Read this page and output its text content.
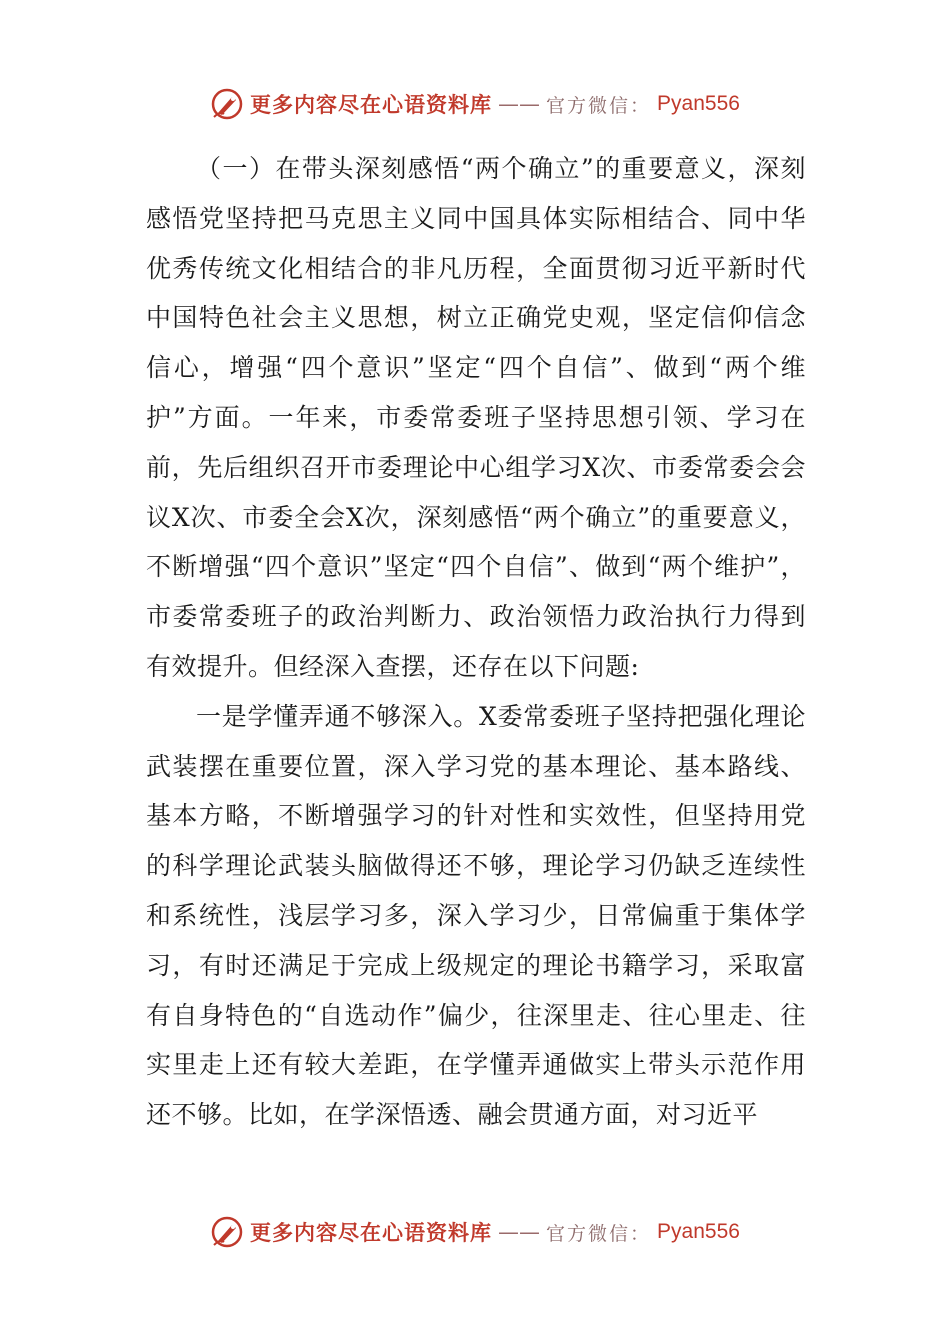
更多内容尽在心语资料库 —— 官方微信： Pyan556

（一）在带头深刻感悟“两个确立”的重要意义，深刻感悟党坚持把马克思主义同中国具体实际相结合、同中华优秀传统文化相结合的非凡历程，全面贯彻习近平新时代中国特色社会主义思想，树立正确党史观，坚定信仰信念信心，增强“四个意识”坚定“四个自信”、做到“两个维护”方面。一年来，市委常委班子坚持思想引领、学习在前，先后组织召开市委理论中心组学习X次、市委常委会会议X次、市委全会X次，深刻感悟“两个确立”的重要意义，不断增强“四个意识”坚定“四个自信”、做到“两个维护”，市委常委班子的政治判断力、政治领悟力政治执行力得到有效提升。但经深入查摆，还存在以下问题:

一是学懂弄通不够深入。X委常委班子坚持把强化理论武装摆在重要位置，深入学习党的基本理论、基本路线、基本方略，不断增强学习的针对性和实效性，但坚持用党的科学理论武装头脑做得还不够，理论学习仍缺乏连续性和系统性，浅层学习多，深入学习少，日常偏重于集体学习，有时还满足于完成上级规定的理论书籍学习，采取富有自身特色的“自选动作”偏少，往深里走、往心里走、往实里走上还有较大差距，在学懂弄通做实上带头示范作用还不够。比如，在学深悟透、融会贯通方面，对习近平

更多内容尽在心语资料库 —— 官方微信： Pyan556
